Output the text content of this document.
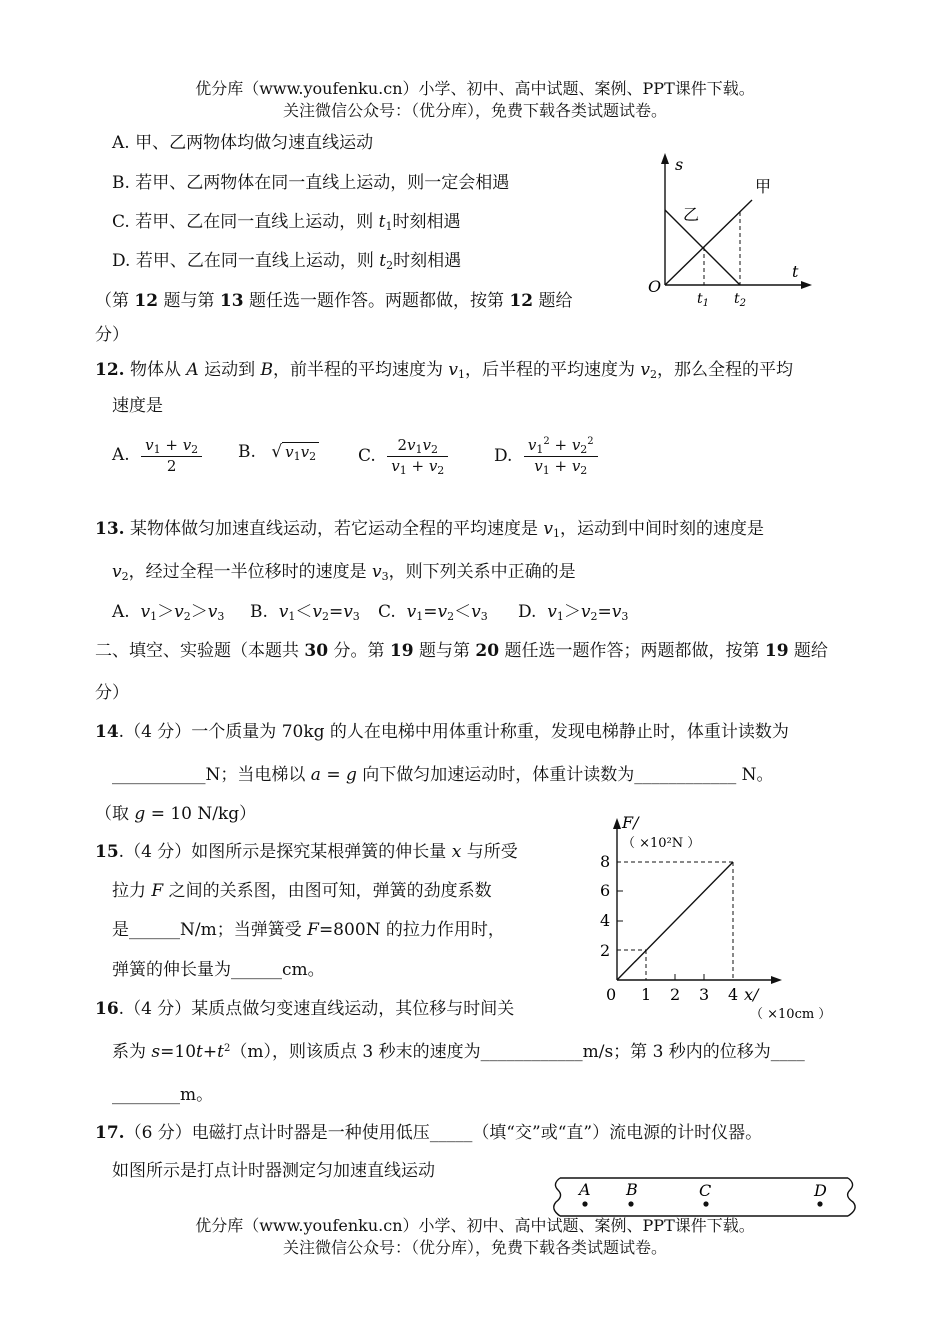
优分库（www.youfenku.cn）小学、初中、高中试题、案例、PPT课件下载。
关注微信公众号：（优分库），免费下载各类试题试卷。
A. 甲、乙两物体均做匀速直线运动
B. 若甲、乙两物体在同一直线上运动，则一定会相遇
C. 若甲、乙在同一直线上运动，则 $t_1$时刻相遇
D. 若甲、乙在同一直线上运动，则 $t_2$时刻相遇
s
t
O
甲
乙
$t_1$ $t_2$
（第 12 题与第 13 题任选一题作答。两题都做，按第 12 题给
分）
12. 物体从 A 运动到 B，前半程的平均速度为 $v_1$，后半程的平均速度为 $v_2$，那么全程的平均
速度是
A. $\frac{v_1 + v_2}{2} B$. √ $v_1v_2$ C. $\frac{2v_1v_2}{v_1 + v_2}$	D. $\frac{v_1^2 + v_2^2}{v_1 + v_2}$
13. 某物体做匀加速直线运动，若它运动全程的平均速度是 $v_1$，运动到中间时刻的速度是
$v_2$，经过全程一半位移时的速度是 $v_3$，则下列关系中正确的是
A. $v_1>v_2>v_3$ B. $v_1<v_2=v_3$ C. $v_1=v_2<v_3$ D. $v_1>v_2=v_3$
二、填空、实验题（本题共 30 分。第 19 题与第 20 题任选一题作答；两题都做，按第 19 题给
分）
14.（4 分）一个质量为 70kg 的人在电梯中用体重计称重，发现电梯静止时，体重计读数为
___________N；当电梯以 a = g 向下做匀加速运动时，体重计读数为____________ N。
（取 g = 10 N/kg）
15.（4 分）如图所示是探究某根弹簧的伸长量 x 与所受
拉力 F 之间的关系图，由图可知，弹簧的劲度系数
是______N/m；当弹簧受 F=800N 的拉力作用时，
弹簧的伸长量为______cm。
F/
（ ×10²N ）
8
6
4
2
0 1 2 3 4 x/
（ ×10cm ）
16.（4 分）某质点做匀变速直线运动，其位移与时间关
系为 $s=10t+t^2(m)$，则该质点 3 秒末的速度为____________m/s；第 3 秒内的位移为____
________m。
17.（6 分）电磁打点计时器是一种使用低压_____（填“交”或“直”）流电源的计时仪器。
如图所示是打点计时器测定匀加速直线运动
A B	C	D
优分库（www.youfenku.cn）小学、初中、高中试题、案例、PPT课件下载。
关注微信公众号：（优分库），免费下载各类试题试卷。
